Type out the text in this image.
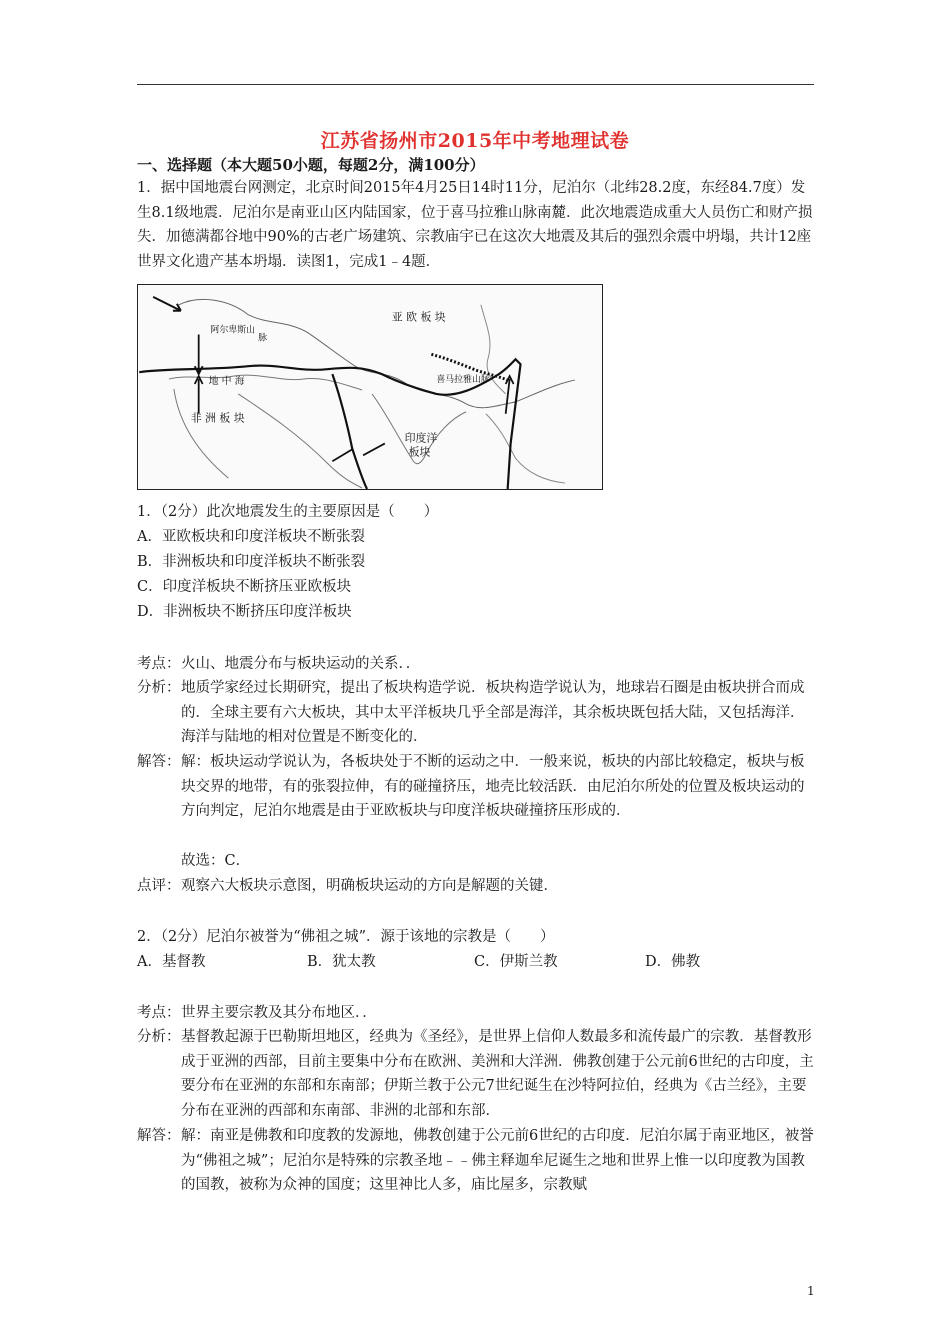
江苏省扬州市2015年中考地理试卷
一、选择题（本大题50小题，每题2分，满100分）
1．据中国地震台网测定，北京时间2015年4月25日14时11分，尼泊尔（北纬28.2度，东经84.7度）发生8.1级地震．尼泊尔是南亚山区内陆国家，位于喜马拉雅山脉南麓．此次地震造成重大人员伤亡和财产损失．加德满都谷地中90%的古老广场建筑、宗教庙宇已在这次大地震及其后的强烈余震中坍塌，共计12座世界文化遗产基本坍塌．读图1，完成1﹣4题．
亚 欧 板 块
非 洲 板 块
印度洋
板块
阿尔卑斯山
脉
喜马拉雅山脉
地 中 海
1．（2分）此次地震发生的主要原因是（　　）
A．亚欧板块和印度洋板块不断张裂
B．非洲板块和印度洋板块不断张裂
C．印度洋板块不断挤压亚欧板块
D．非洲板块不断挤压印度洋板块
考点： 火山、地震分布与板块运动的关系．．
分析： 地质学家经过长期研究，提出了板块构造学说．板块构造学说认为，地球岩石圈是由板块拼合而成的．全球主要有六大板块，其中太平洋板块几乎全部是海洋，其余板块既包括大陆，又包括海洋．海洋与陆地的相对位置是不断变化的．
解答： 解：板块运动学说认为，各板块处于不断的运动之中．一般来说，板块的内部比较稳定，板块与板块交界的地带，有的张裂拉伸，有的碰撞挤压，地壳比较活跃．由尼泊尔所处的位置及板块运动的方向判定，尼泊尔地震是由于亚欧板块与印度洋板块碰撞挤压形成的．
故选：C．
点评： 观察六大板块示意图，明确板块运动的方向是解题的关键．
2．（2分）尼泊尔被誉为“佛祖之城”．源于该地的宗教是（　　）
A．基督教	B．犹太教	C．伊斯兰教	D．佛教
考点： 世界主要宗教及其分布地区．．
分析： 基督教起源于巴勒斯坦地区，经典为《圣经》，是世界上信仰人数最多和流传最广的宗教．基督教形成于亚洲的西部，目前主要集中分布在欧洲、美洲和大洋洲．佛教创建于公元前6世纪的古印度，主要分布在亚洲的东部和东南部；伊斯兰教于公元7世纪诞生在沙特阿拉伯，经典为《古兰经》，主要分布在亚洲的西部和东南部、非洲的北部和东部．
解答： 解：南亚是佛教和印度教的发源地，佛教创建于公元前6世纪的古印度．尼泊尔属于南亚地区，被誉为“佛祖之城”；尼泊尔是特殊的宗教圣地﹣﹣佛主释迦牟尼诞生之地和世界上惟一以印度教为国教的国教，被称为众神的国度；这里神比人多，庙比屋多，宗教赋
1
